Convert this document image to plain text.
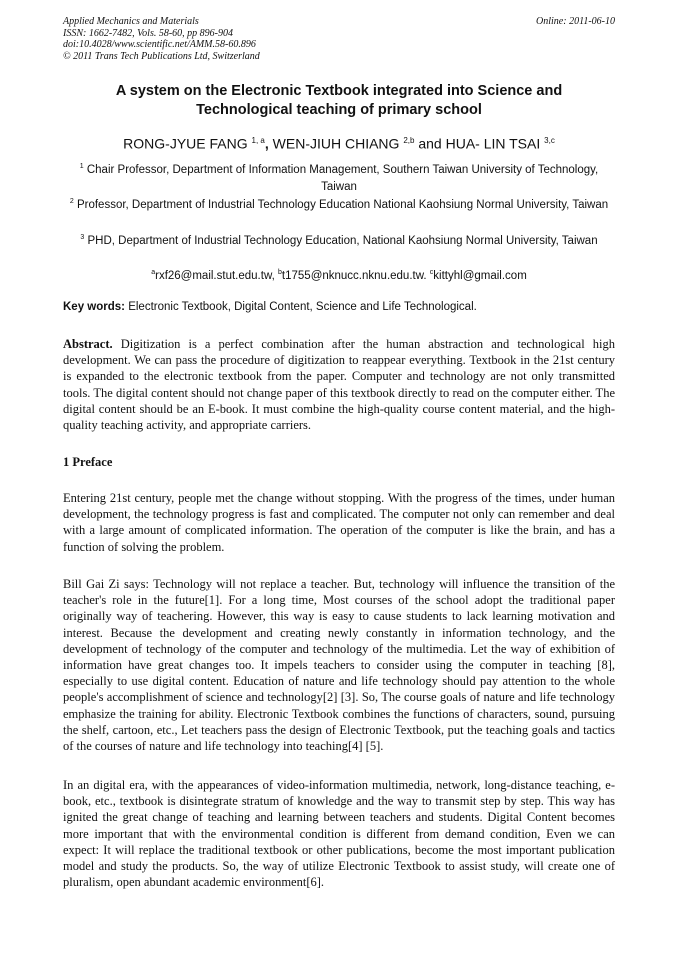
Applied Mechanics and Materials
ISSN: 1662-7482, Vols. 58-60, pp 896-904
doi:10.4028/www.scientific.net/AMM.58-60.896
© 2011 Trans Tech Publications Ltd, Switzerland
Online: 2011-06-10
A system on the Electronic Textbook integrated into Science and
Technological teaching of primary school
RONG-JYUE FANG $^{1, a}$, WEN-JIUH CHIANG $^{2,b}$ and HUA- LIN TSAI $^{3,c}$
$^1$ Chair Professor, Department of Information Management, Southern Taiwan University of Technology, Taiwan
$^2$ Professor, Department of Industrial Technology Education National Kaohsiung Normal University, Taiwan
$^3$ PHD, Department of Industrial Technology Education, National Kaohsiung Normal University, Taiwan
$^a$rxf26@mail.stut.edu.tw, $^b$t1755@nknucc.nknu.edu.tw. $^c$kittyhl@gmail.com
Key words: Electronic Textbook, Digital Content, Science and Life Technological.

Abstract. Digitization is a perfect combination after the human abstraction and technological high development. We can pass the procedure of digitization to reappear everything. Textbook in the 21st century is expanded to the electronic textbook from the paper. Computer and technology are not only transmitted tools. The digital content should not change paper of this textbook directly to read on the computer either. The digital content should be an E-book. It must combine the high-quality course content material, and the high-quality teaching activity, and appropriate carriers.

1 Preface

Entering 21st century, people met the change without stopping. With the progress of the times, under human development, the technology progress is fast and complicated. The computer not only can remember and deal with a large amount of complicated information. The operation of the computer is like the brain, and has a function of solving the problem.

Bill Gai Zi says: Technology will not replace a teacher. But, technology will influence the transition of the teacher's role in the future[1]. For a long time, Most courses of the school adopt the traditional paper originally way of teachering. However, this way is easy to cause students to lack learning motivation and interest. Because the development and creating newly constantly in information technology, and the development of technology of the computer and technology of the multimedia. Let the way of exhibition of information have great changes too. It impels teachers to consider using the computer in teaching [8], especially to use digital content. Education of nature and life technology should pay attention to the whole people's accomplishment of science and technology[2] [3]. So, The course goals of nature and life technology emphasize the training for ability. Electronic Textbook combines the functions of characters, sound, pursuing the shelf, cartoon, etc., Let teachers pass the design of Electronic Textbook, put the teaching goals and tactics of the courses of nature and life technology into teaching[4] [5].

In an digital era, with the appearances of video-information multimedia, network, long-distance teaching, e-book, etc., textbook is disintegrate stratum of knowledge and the way to transmit step by step. This way has ignited the great change of teaching and learning between teachers and students. Digital Content becomes more important that with the environmental condition is different from demand condition, Even we can expect: It will replace the traditional textbook or other publications, become the most important publication model and study the products. So, the way of utilize Electronic Textbook to assist study, will create one of pluralism, open abundant academic environment[6].
